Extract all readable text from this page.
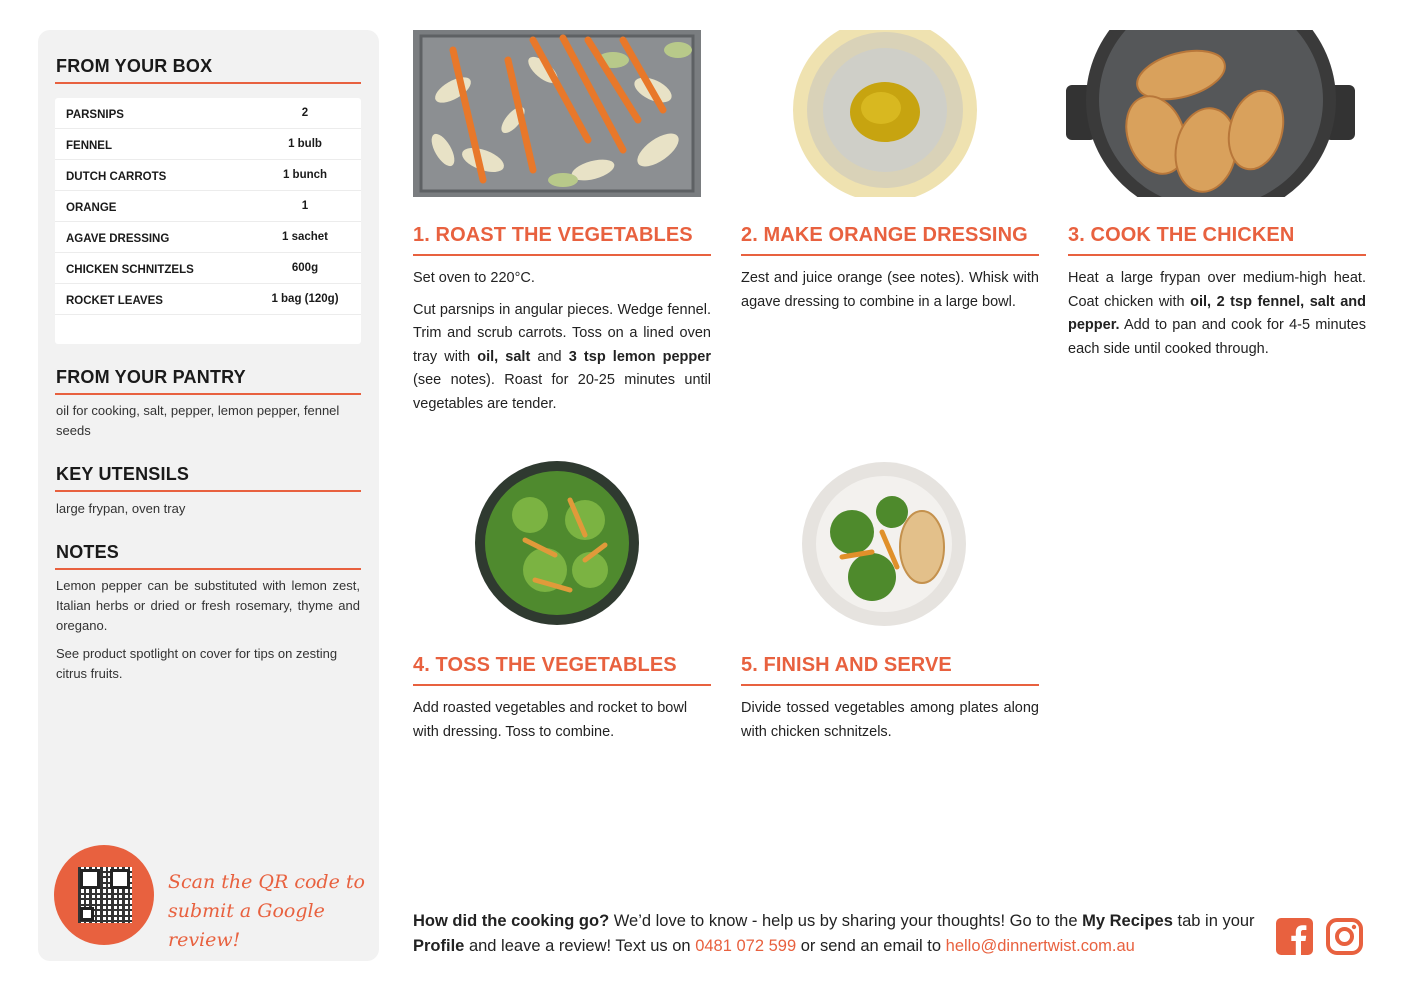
FROM YOUR BOX
PARSNIPS	2
FENNEL	1 bulb
DUTCH CARROTS	1 bunch
ORANGE	1
AGAVE DRESSING	1 sachet
CHICKEN SCHNITZELS	600g
ROCKET LEAVES	1 bag (120g)
FROM YOUR PANTRY
oil for cooking, salt, pepper, lemon pepper, fennel seeds
KEY UTENSILS
large frypan, oven tray
NOTES
Lemon pepper can be substituted with lemon zest, Italian herbs or dried or fresh rosemary, thyme and oregano.
See product spotlight on cover for tips on zesting citrus fruits.
Scan the QR code to
submit a Google review!
1. ROAST THE VEGETABLES

Set oven to 220°C.

Cut parsnips in angular pieces. Wedge fennel. Trim and scrub carrots. Toss on a lined oven tray with oil, salt and 3 tsp lemon pepper (see notes). Roast for 20-25 minutes until vegetables are tender.

2. MAKE ORANGE DRESSING

Zest and juice orange (see notes). Whisk with agave dressing to combine in a large bowl.

3. COOK THE CHICKEN

Heat a large frypan over medium-high heat. Coat chicken with oil, 2 tsp fennel, salt and pepper. Add to pan and cook for 4-5 minutes each side until cooked through.

4. TOSS THE VEGETABLES

Add roasted vegetables and rocket to bowl with dressing. Toss to combine.

5. FINISH AND SERVE

Divide tossed vegetables among plates along with chicken schnitzels.

How did the cooking go? We’d love to know - help us by sharing your thoughts! Go to the My Recipes tab in your Profile and leave a review! Text us on 0481 072 599 or send an email to hello@dinnertwist.com.au
